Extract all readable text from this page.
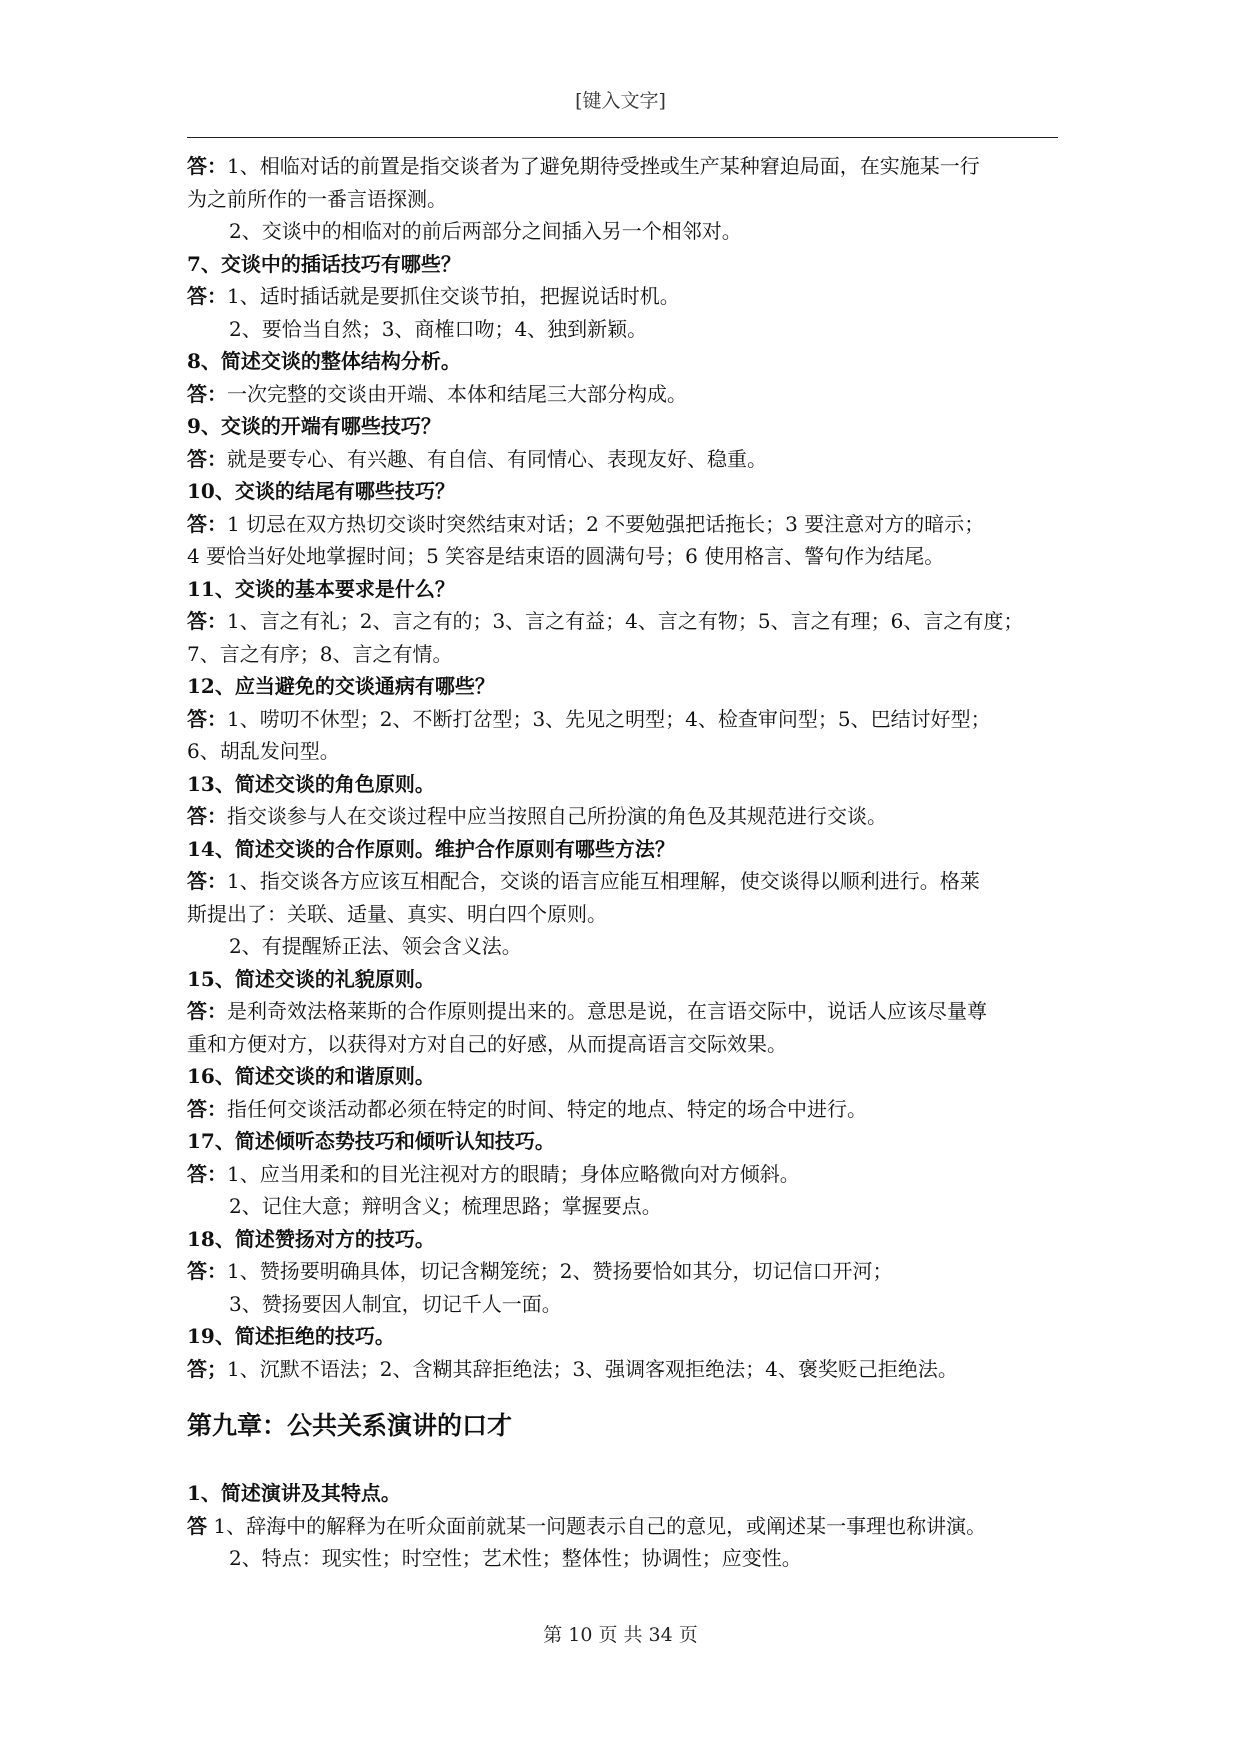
[键入文字]
答：1、相临对话的前置是指交谈者为了避免期待受挫或生产某种窘迫局面，在实施某一行
为之前所作的一番言语探测。
2、交谈中的相临对的前后两部分之间插入另一个相邻对。
7、交谈中的插话技巧有哪些？
答：1、适时插话就是要抓住交谈节拍，把握说话时机。
2、要恰当自然；3、商榷口吻；4、独到新颖。
8、简述交谈的整体结构分析。
答：一次完整的交谈由开端、本体和结尾三大部分构成。
9、交谈的开端有哪些技巧？
答：就是要专心、有兴趣、有自信、有同情心、表现友好、稳重。
10、交谈的结尾有哪些技巧？
答：1 切忌在双方热切交谈时突然结束对话；2 不要勉强把话拖长；3 要注意对方的暗示；
4 要恰当好处地掌握时间；5 笑容是结束语的圆满句号；6 使用格言、警句作为结尾。
11、交谈的基本要求是什么？
答：1、言之有礼；2、言之有的；3、言之有益；4、言之有物；5、言之有理；6、言之有度；
7、言之有序；8、言之有情。
12、应当避免的交谈通病有哪些？
答：1、唠叨不休型；2、不断打岔型；3、先见之明型；4、检查审问型；5、巴结讨好型；
6、胡乱发问型。
13、简述交谈的角色原则。
答：指交谈参与人在交谈过程中应当按照自己所扮演的角色及其规范进行交谈。
14、简述交谈的合作原则。维护合作原则有哪些方法？
答：1、指交谈各方应该互相配合，交谈的语言应能互相理解，使交谈得以顺利进行。格莱
斯提出了：关联、适量、真实、明白四个原则。
2、有提醒矫正法、领会含义法。
15、简述交谈的礼貌原则。
答：是利奇效法格莱斯的合作原则提出来的。意思是说，在言语交际中，说话人应该尽量尊
重和方便对方，以获得对方对自己的好感，从而提高语言交际效果。
16、简述交谈的和谐原则。
答：指任何交谈活动都必须在特定的时间、特定的地点、特定的场合中进行。
17、简述倾听态势技巧和倾听认知技巧。
答：1、应当用柔和的目光注视对方的眼睛；身体应略微向对方倾斜。
2、记住大意；辩明含义；梳理思路；掌握要点。
18、简述赞扬对方的技巧。
答：1、赞扬要明确具体，切记含糊笼统；2、赞扬要恰如其分，切记信口开河；
3、赞扬要因人制宜，切记千人一面。
19、简述拒绝的技巧。
答；1、沉默不语法；2、含糊其辞拒绝法；3、强调客观拒绝法；4、褒奖贬己拒绝法。
第九章：公共关系演讲的口才
1、简述演讲及其特点。
答 1、辞海中的解释为在听众面前就某一问题表示自己的意见，或阐述某一事理也称讲演。
2、特点：现实性；时空性；艺术性；整体性；协调性；应变性。
第 10 页 共 34 页
